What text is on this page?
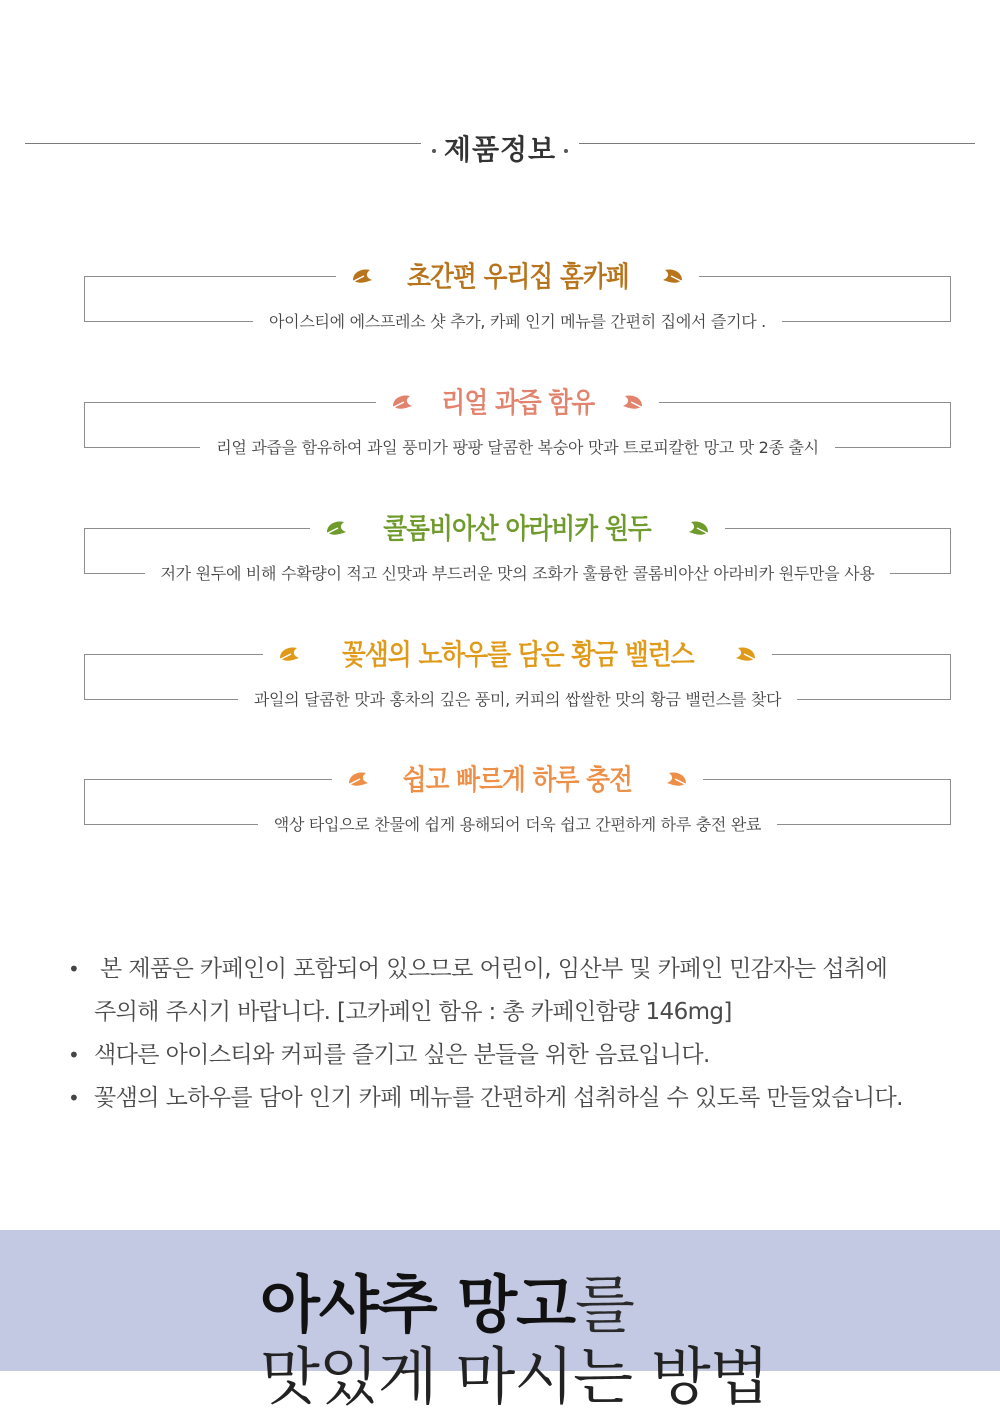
제품정보
초간편 우리집 홈카페
아이스티에 에스프레소 샷 추가, 카페 인기 메뉴를 간편히 집에서 즐기다 .
리얼 과즙 함유
리얼 과즙을 함유하여 과일 풍미가 팡팡 달콤한 복숭아 맛과 트로피칼한 망고 맛 2종 출시
콜롬비아산 아라비카 원두
저가 원두에 비해 수확량이 적고 신맛과 부드러운 맛의 조화가 훌륭한 콜롬비아산 아라비카 원두만을 사용
꽃샘의 노하우를 담은 황금 밸런스
과일의 달콤한 맛과 홍차의 깊은 풍미, 커피의 쌉쌀한 맛의 황금 밸런스를 찾다
쉽고 빠르게 하루 충전
액상 타입으로 찬물에 쉽게 용해되어 더욱 쉽고 간편하게 하루 충전 완료
• 본 제품은 카페인이 포함되어 있으므로 어린이, 임산부 및 카페인 민감자는 섭취에
주의해 주시기 바랍니다. [고카페인 함유 : 총 카페인함량 146mg]
• 색다른 아이스티와 커피를 즐기고 싶은 분들을 위한 음료입니다.
• 꽃샘의 노하우를 담아 인기 카페 메뉴를 간편하게 섭취하실 수 있도록 만들었습니다.
아샤추 망고를
맛있게 마시는 방법
